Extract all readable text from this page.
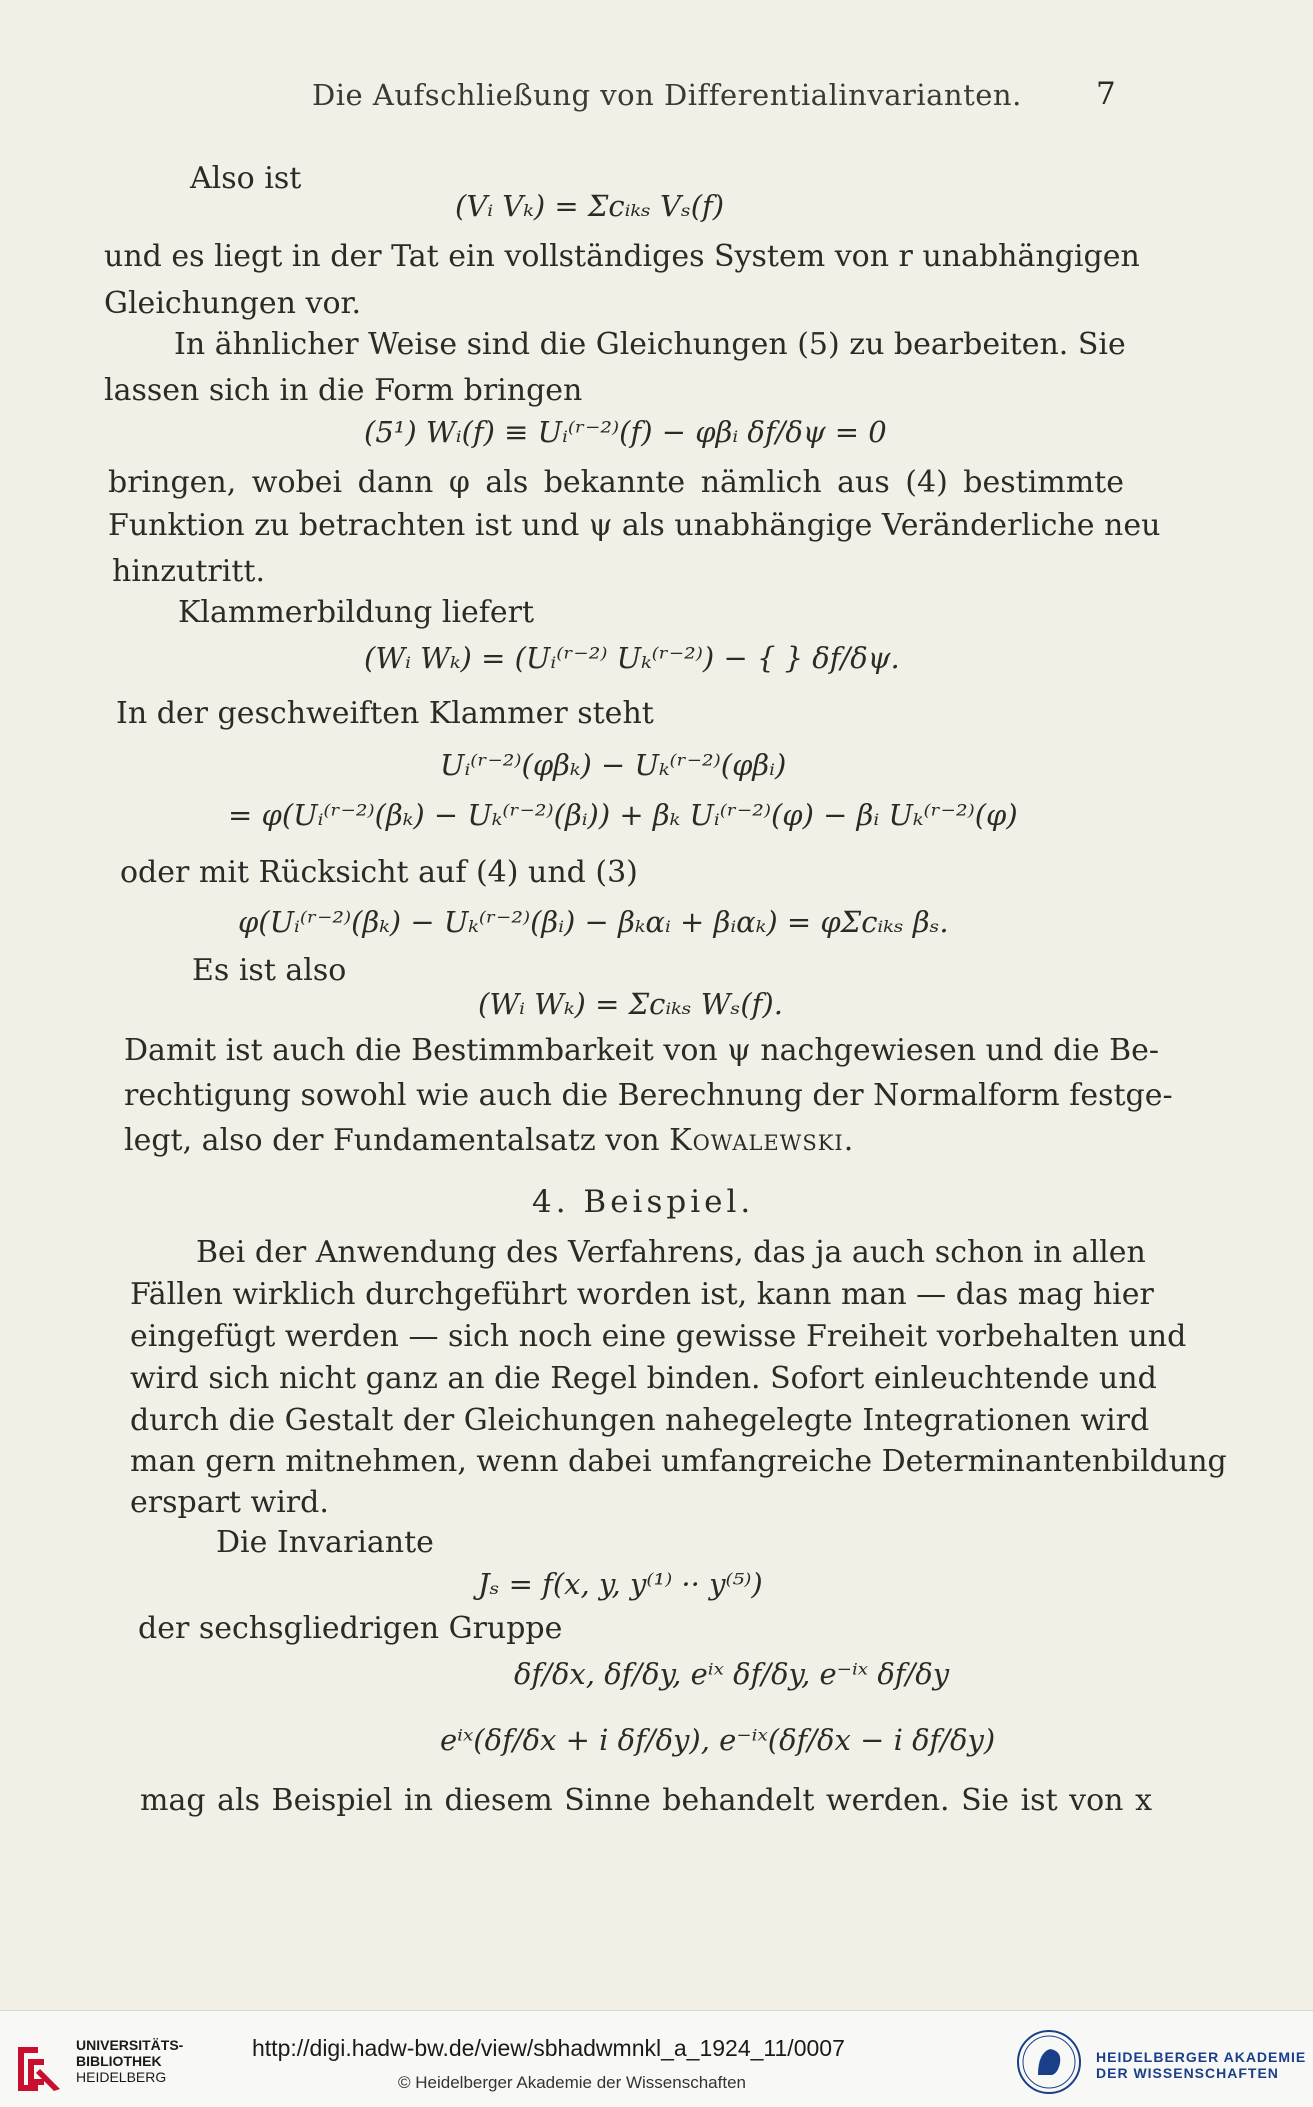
Die Aufschließung von Differentialinvarianten. 7
Also ist
(Vᵢ Vₖ) = Σcᵢₖₛ Vₛ(f)
und es liegt in der Tat ein vollständiges System von r unabhängigen
Gleichungen vor.
In ähnlicher Weise sind die Gleichungen (5) zu bearbeiten. Sie
lassen sich in die Form bringen
(5¹) Wᵢ(f) ≡ Uᵢ⁽ʳ⁻²⁾(f) − φβᵢ δf/δψ = 0
bringen, wobei dann φ als bekannte nämlich aus (4) bestimmte
Funktion zu betrachten ist und ψ als unabhängige Veränderliche neu
hinzutritt.
Klammerbildung liefert
(Wᵢ Wₖ) = (Uᵢ⁽ʳ⁻²⁾ Uₖ⁽ʳ⁻²⁾) − { } δf/δψ.
In der geschweiften Klammer steht
Uᵢ⁽ʳ⁻²⁾(φβₖ) − Uₖ⁽ʳ⁻²⁾(φβᵢ)
= φ(Uᵢ⁽ʳ⁻²⁾(βₖ) − Uₖ⁽ʳ⁻²⁾(βᵢ)) + βₖ Uᵢ⁽ʳ⁻²⁾(φ) − βᵢ Uₖ⁽ʳ⁻²⁾(φ)
oder mit Rücksicht auf (4) und (3)
φ(Uᵢ⁽ʳ⁻²⁾(βₖ) − Uₖ⁽ʳ⁻²⁾(βᵢ) − βₖαᵢ + βᵢαₖ) = φΣcᵢₖₛ βₛ.
Es ist also
(Wᵢ Wₖ) = Σcᵢₖₛ Wₛ(f).
Damit ist auch die Bestimmbarkeit von ψ nachgewiesen und die Be-
rechtigung sowohl wie auch die Berechnung der Normalform festge-
legt, also der Fundamentalsatz von Kowalewski.
4. Beispiel.
Bei der Anwendung des Verfahrens, das ja auch schon in allen
Fällen wirklich durchgeführt worden ist, kann man — das mag hier
eingefügt werden — sich noch eine gewisse Freiheit vorbehalten und
wird sich nicht ganz an die Regel binden. Sofort einleuchtende und
durch die Gestalt der Gleichungen nahegelegte Integrationen wird
man gern mitnehmen, wenn dabei umfangreiche Determinantenbildung
erspart wird.
Die Invariante
Jₛ = f(x, y, y⁽¹⁾ ·· y⁽⁵⁾)
der sechsgliedrigen Gruppe
δf/δx, δf/δy, eⁱˣ δf/δy, e⁻ⁱˣ δf/δy
eⁱˣ(δf/δx + i δf/δy), e⁻ⁱˣ(δf/δx − i δf/δy)
mag als Beispiel in diesem Sinne behandelt werden. Sie ist von x
UNIVERSITÄTS-
BIBLIOTHEK
HEIDELBERG
http://digi.hadw-bw.de/view/sbhadwmnkl_a_1924_11/0007
© Heidelberger Akademie der Wissenschaften
HEIDELBERGER AKADEMIE
DER WISSENSCHAFTEN
